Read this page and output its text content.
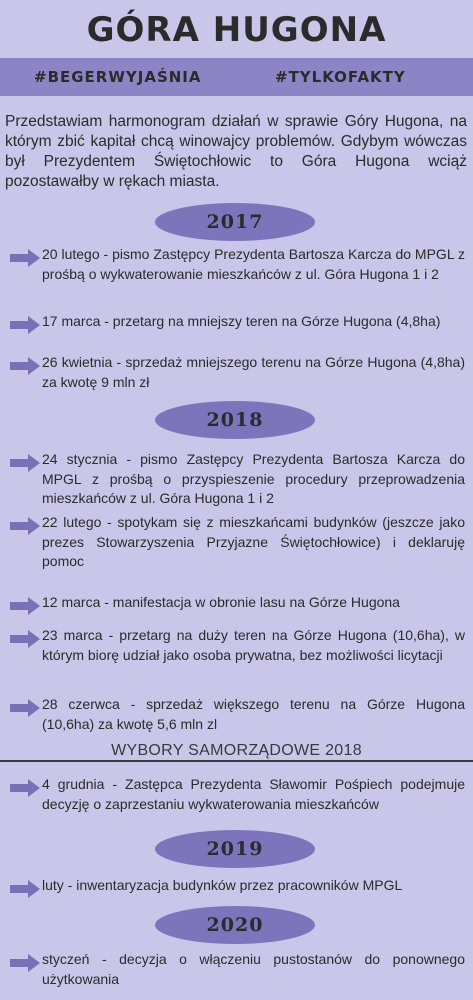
GÓRA HUGONA
#BEGERWYJAŚNIA	#TYLKOFAKTY
Przedstawiam harmonogram działań w sprawie Góry Hugona, na którym zbić kapitał chcą winowajcy problemów. Gdybym wówczas był Prezydentem Świętochłowic to Góra Hugona wciąż pozostawałby w rękach miasta.
2017
20 lutego - pismo Zastępcy Prezydenta Bartosza Karcza do MPGL z prośbą o wykwaterowanie mieszkańców z ul. Góra Hugona 1 i 2
17 marca - przetarg na mniejszy teren na Górze Hugona (4,8ha)
26 kwietnia - sprzedaż mniejszego terenu na Górze Hugona (4,8ha) za kwotę 9 mln zł
2018
24 stycznia - pismo Zastępcy Prezydenta Bartosza Karcza do MPGL z prośbą o przyspieszenie procedury przeprowadzenia mieszkańców z ul. Góra Hugona 1 i 2
22 lutego - spotykam się z mieszkańcami budynków (jeszcze jako prezes Stowarzyszenia Przyjazne Świętochłowice) i deklaruję pomoc
12 marca - manifestacja w obronie lasu na Górze Hugona
23 marca - przetarg na duży teren na Górze Hugona (10,6ha), w którym biorę udział jako osoba prywatna, bez możliwości licytacji
28 czerwca - sprzedaż większego terenu na Górze Hugona (10,6ha) za kwotę 5,6 mln zl
WYBORY SAMORZĄDOWE 2018
4 grudnia - Zastępca Prezydenta Sławomir Pośpiech podejmuje decyzję o zaprzestaniu wykwaterowania mieszkańców
2019
luty - inwentaryzacja budynków przez pracowników MPGL
2020
styczeń - decyzja o włączeniu pustostanów do ponownego użytkowania
